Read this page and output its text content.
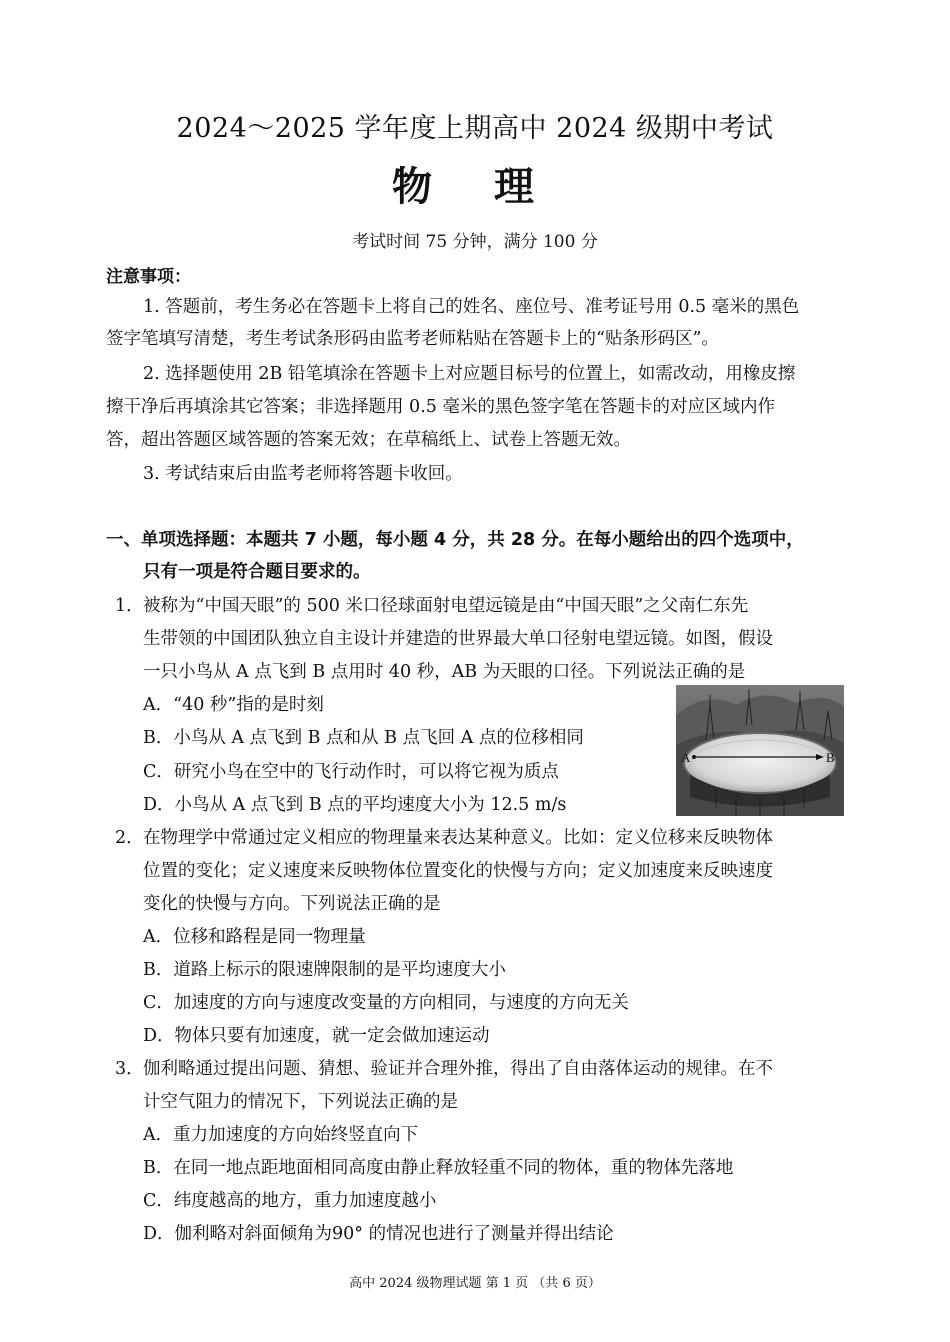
2024～2025 学年度上期高中 2024 级期中考试
物 理
考试时间 75 分钟，满分 100 分
注意事项：
1. 答题前，考生务必在答题卡上将自己的姓名、座位号、准考证号用 0.5 毫米的黑色
签字笔填写清楚，考生考试条形码由监考老师粘贴在答题卡上的“贴条形码区”。
2. 选择题使用 2B 铅笔填涂在答题卡上对应题目标号的位置上，如需改动，用橡皮擦
擦干净后再填涂其它答案；非选择题用 0.5 毫米的黑色签字笔在答题卡的对应区域内作
答，超出答题区域答题的答案无效；在草稿纸上、试卷上答题无效。
3. 考试结束后由监考老师将答题卡收回。
一、单项选择题：本题共 7 小题，每小题 4 分，共 28 分。在每小题给出的四个选项中，
只有一项是符合题目要求的。
1． 被称为“中国天眼”的 500 米口径球面射电望远镜是由“中国天眼”之父南仁东先
生带领的中国团队独立自主设计并建造的世界最大单口径射电望远镜。如图，假设
一只小鸟从 A 点飞到 B 点用时 40 秒，AB 为天眼的口径。下列说法正确的是
A．“40 秒”指的是时刻
B．小鸟从 A 点飞到 B 点和从 B 点飞回 A 点的位移相同
C．研究小鸟在空中的飞行动作时，可以将它视为质点
D．小鸟从 A 点飞到 B 点的平均速度大小为 12.5 m/s
A	B
2． 在物理学中常通过定义相应的物理量来表达某种意义。比如：定义位移来反映物体
位置的变化；定义速度来反映物体位置变化的快慢与方向；定义加速度来反映速度
变化的快慢与方向。下列说法正确的是
A．位移和路程是同一物理量
B．道路上标示的限速牌限制的是平均速度大小
C．加速度的方向与速度改变量的方向相同，与速度的方向无关
D．物体只要有加速度，就一定会做加速运动
3． 伽利略通过提出问题、猜想、验证并合理外推，得出了自由落体运动的规律。在不
计空气阻力的情况下，下列说法正确的是
A．重力加速度的方向始终竖直向下
B．在同一地点距地面相同高度由静止释放轻重不同的物体，重的物体先落地
C．纬度越高的地方，重力加速度越小
D．伽利略对斜面倾角为90° 的情况也进行了测量并得出结论
高中 2024 级物理试题 第 1 页 （共 6 页）
